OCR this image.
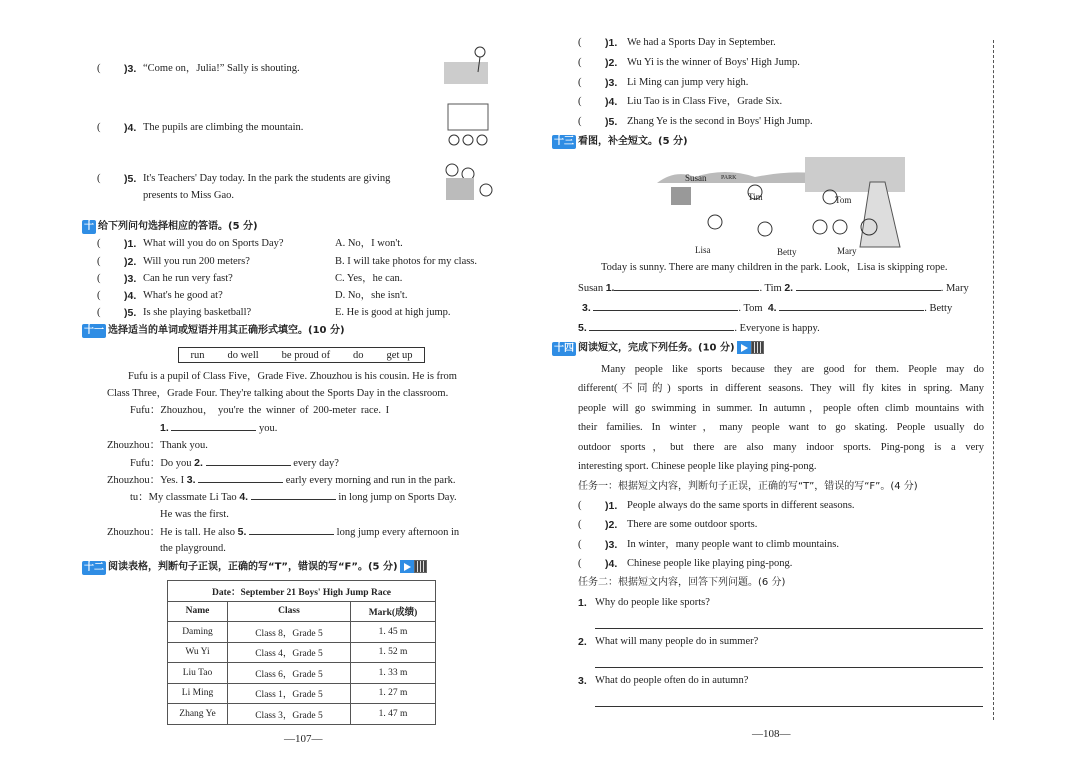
( )3. “Come on，Julia!” Sally is shouting.
( )4. The pupils are climbing the mountain.
( )5. It's Teachers' Day today. In the park the students are giving
presents to Miss Gao.
十 给下列问句选择相应的答语。(5 分)
( )1. What will you do on Sports Day?	A. No，I won't.
( )2. Will you run 200 meters?	B. I will take photos for my class.
( )3. Can he run very fast?	C. Yes，he can.
( )4. What's he good at?	D. No，she isn't.
( )5. Is she playing basketball?	E. He is good at high jump.
十一 选择适当的单词或短语并用其正确形式填空。(10 分)
run do well be proud of do get up
Fufu is a pupil of Class Five，Grade Five. Zhouzhou is his cousin. He is from
Class Three，Grade Four. They're talking about the Sports Day in the classroom.
Fufu：Zhouzhou， you're the winner of 200-meter race. I
1.	you.
Zhouzhou：Thank you.
Fufu：Do you 2.	every day?
Zhouzhou：Yes. I 3.	early every morning and run in the park.
tu：My classmate Li Tao 4.	in long jump on Sports Day.
He was the first.
Zhouzhou：He is tall. He also 5.	long jump every afternoon in
the playground.
十二 阅读表格，判断句子正误，正确的写“T”，错误的写“F”。(5 分)
Date：September 21 Boys' High Jump Race		
Name	Class	Mark(成绩)
Daming	Class 8，Grade 5	1. 45 m
Wu Yi	Class 4，Grade 5	1. 52 m
Liu Tao	Class 6，Grade 5	1. 33 m
Li Ming	Class 1，Grade 5	1. 27 m
Zhang Ye	Class 3，Grade 5	1. 47 m
—107—
( )1. We had a Sports Day in September.
( )2. Wu Yi is the winner of Boys' High Jump.
( )3. Li Ming can jump very high.
( )4. Liu Tao is in Class Five，Grade Six.
( )5. Zhang Ye is the second in Boys' High Jump.
十三 看图，补全短文。(5 分)
Susan PARK
Tim	Tom
Lisa	Betty	Mary
Today is sunny. There are many children in the park. Look，Lisa is skipping rope.
Susan 1.	. Tim 2.	. Mary
3.	. Tom 4.	. Betty
5.	. Everyone is happy.
十四 阅读短文，完成下列任务。(10 分)
Many people like sports because they are good for them. People may do
different(不同的) sports in different seasons. They will fly kites in spring. Many
people will go swimming in summer. In autumn，people often climb mountains with
their families. In winter，many people want to go skating. People usually do
outdoor sports，but there are also many indoor sports. Ping-pong is a very
interesting sport. Chinese people like playing ping-pong.
任务一：根据短文内容，判断句子正误，正确的写“T”，错误的写“F”。(4 分)
( )1. People always do the same sports in different seasons.
( )2. There are some outdoor sports.
( )3. In winter，many people want to climb mountains.
( )4. Chinese people like playing ping-pong.
任务二：根据短文内容，回答下列问题。(6 分)
1. Why do people like sports?
2. What will many people do in summer?
3. What do people often do in autumn?
—108—
